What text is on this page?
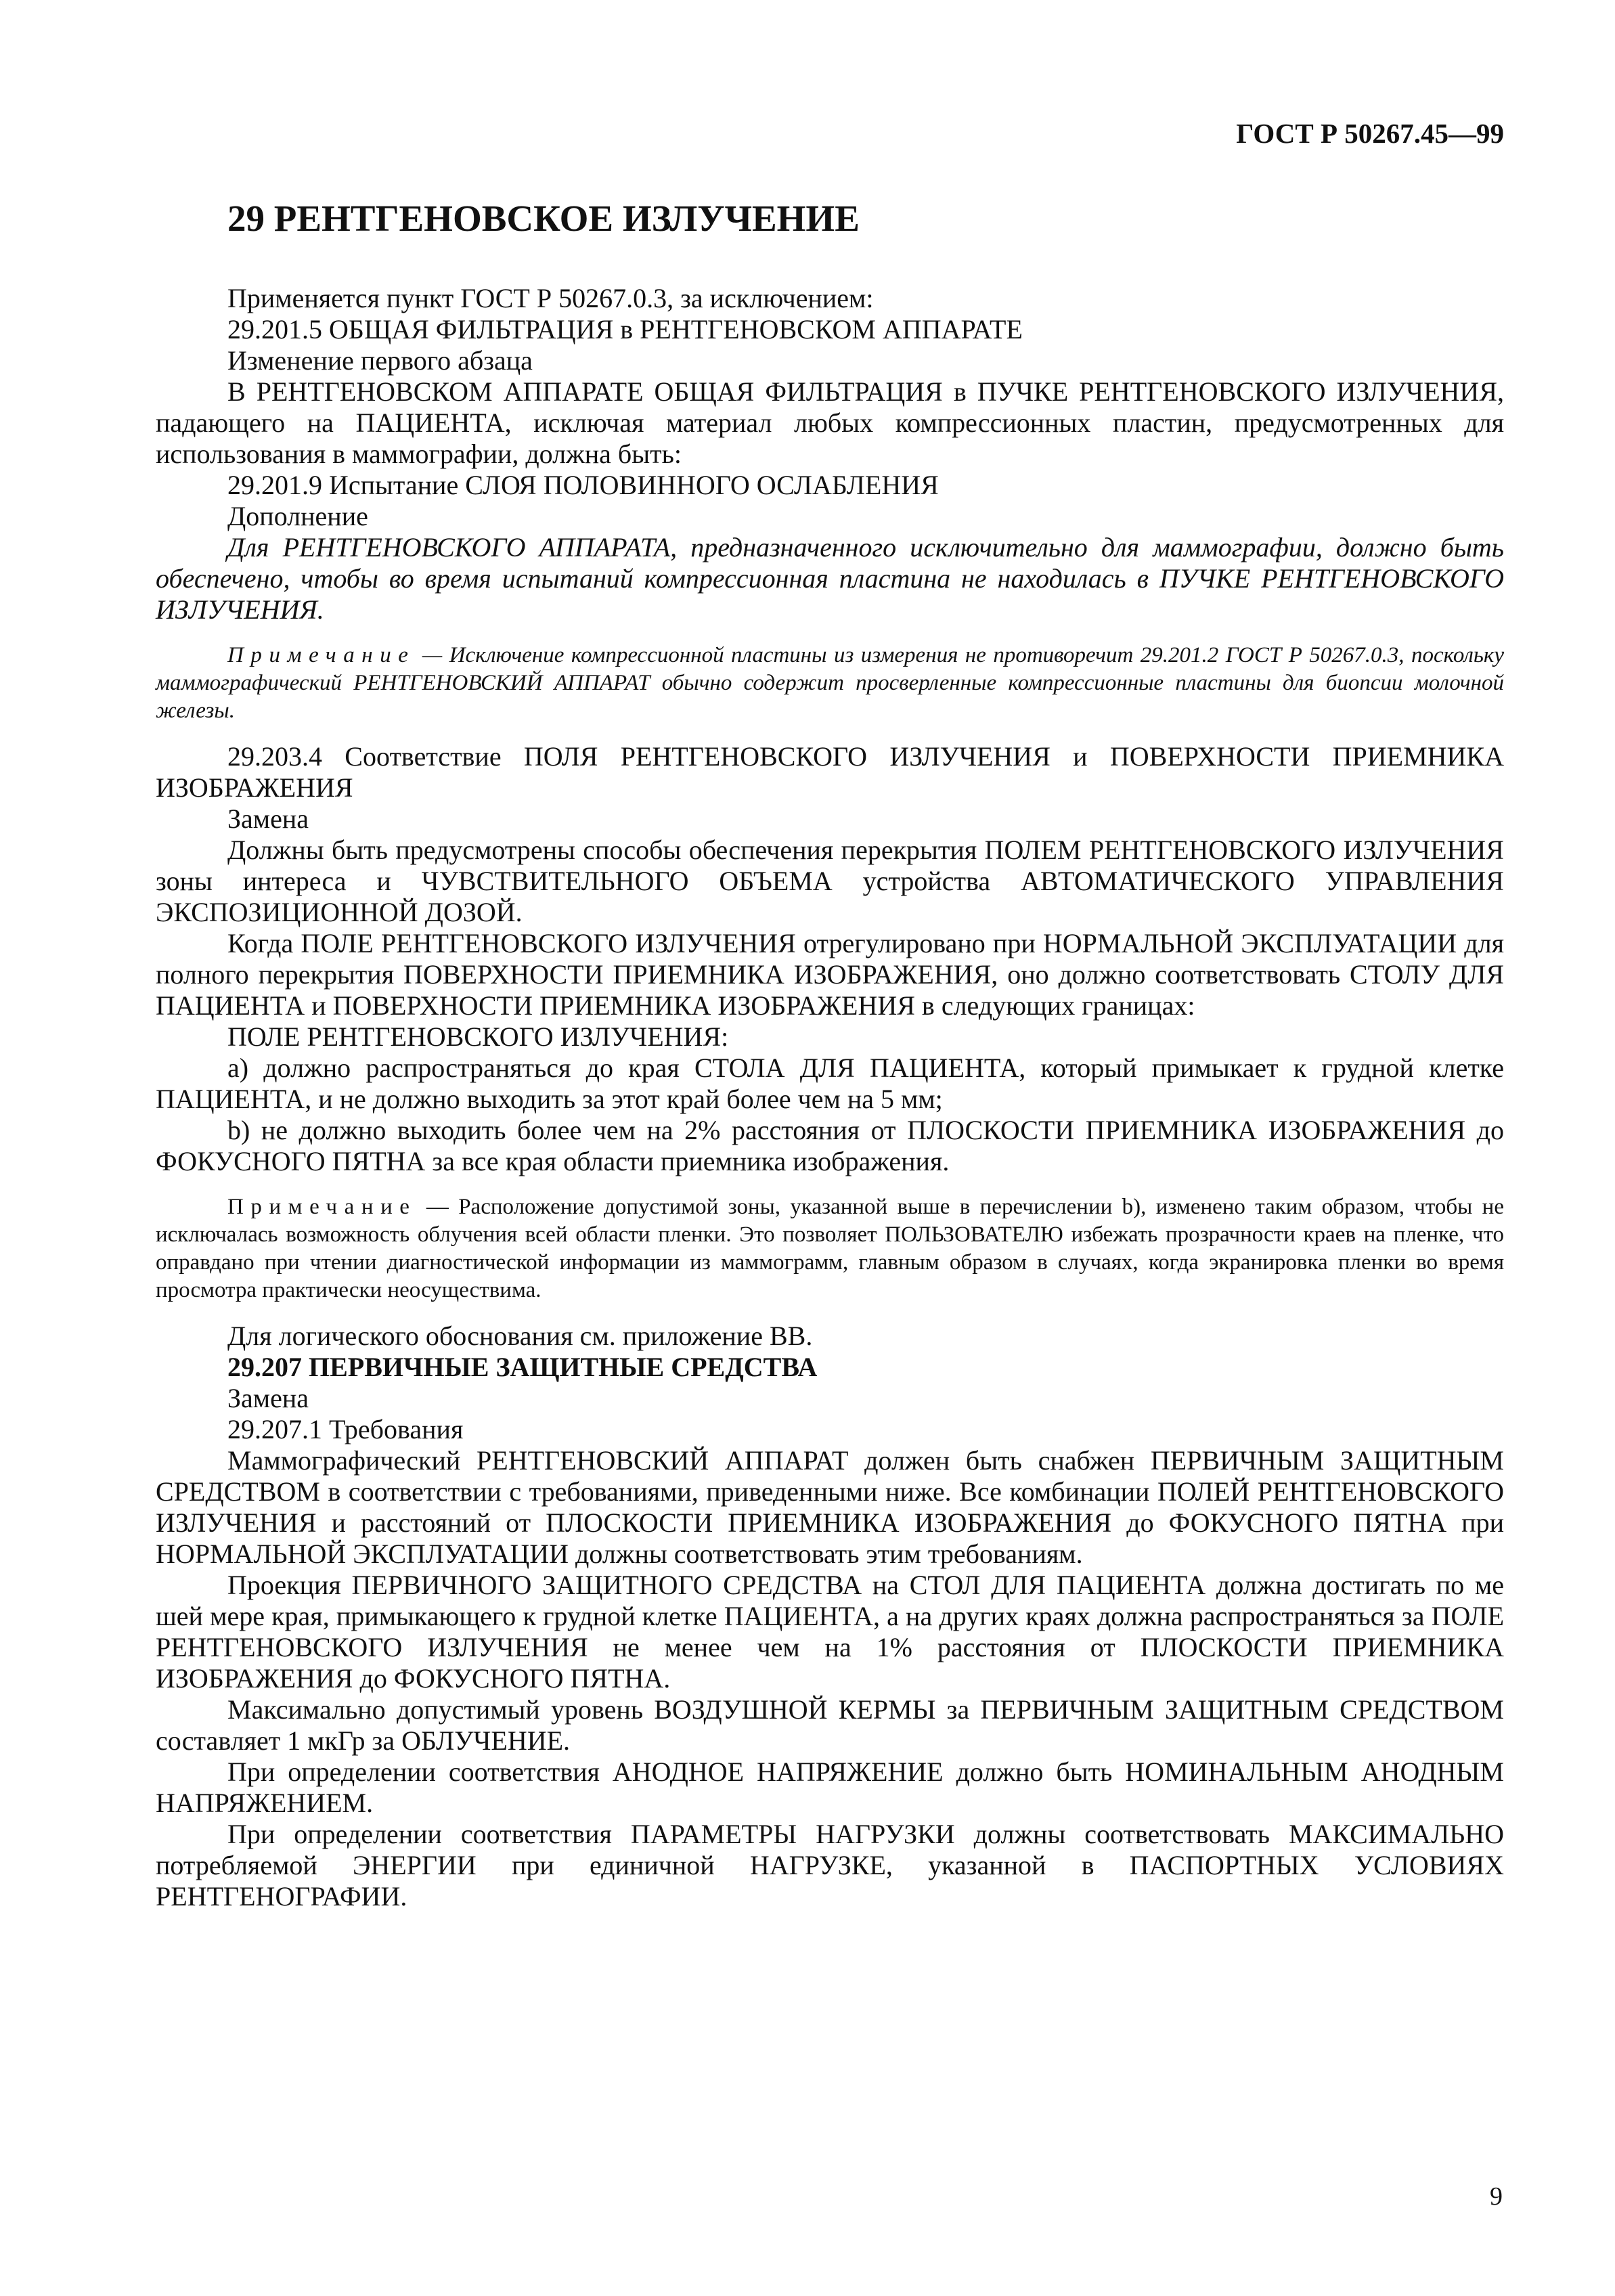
ГОСТ Р 50267.45—99
29 РЕНТГЕНОВСКОЕ ИЗЛУЧЕНИЕ

Применяется пункт ГОСТ Р 50267.0.3, за исключением:

29.201.5 ОБЩАЯ ФИЛЬТРАЦИЯ в РЕНТГЕНОВСКОМ АППАРАТЕ

Изменение первого абзаца

В РЕНТГЕНОВСКОМ АППАРАТЕ ОБЩАЯ ФИЛЬТРАЦИЯ в ПУЧКЕ РЕНТГЕНОВСКОГО ИЗЛУЧЕНИЯ, падающего на ПАЦИЕНТА, исключая материал любых компрессионных пластин, предусмотренных для использования в маммографии, должна быть:

29.201.9 Испытание СЛОЯ ПОЛОВИННОГО ОСЛАБЛЕНИЯ

Дополнение

Для РЕНТГЕНОВСКОГО АППАРАТА, предназначенного исключительно для маммографии, должно быть обеспечено, чтобы во время испытаний компрессионная пластина не находилась в ПУЧКЕ РЕНТГЕНОВСКОГО ИЗЛУЧЕНИЯ.

Примечание — Исключение компрессионной пластины из измерения не противоречит 29.201.2 ГОСТ Р 50267.0.3, поскольку маммографический РЕНТГЕНОВСКИЙ АППАРАТ обычно содержит просверленные компрессионные пластины для биопсии молочной железы.

29.203.4 Соответствие ПОЛЯ РЕНТГЕНОВСКОГО ИЗЛУЧЕНИЯ и ПОВЕРХНОСТИ ПРИЕМНИКА ИЗОБРАЖЕНИЯ

Замена

Должны быть предусмотрены способы обеспечения перекрытия ПОЛЕМ РЕНТГЕНОВСКОГО ИЗЛУЧЕНИЯ зоны интереса и ЧУВСТВИТЕЛЬНОГО ОБЪЕМА устройства АВТОМАТИЧЕСКОГО УПРАВЛЕНИЯ ЭКСПОЗИЦИОННОЙ ДОЗОЙ.

Когда ПОЛЕ РЕНТГЕНОВСКОГО ИЗЛУЧЕНИЯ отрегулировано при НОРМАЛЬНОЙ ЭКСПЛУАТАЦИИ для полного перекрытия ПОВЕРХНОСТИ ПРИЕМНИКА ИЗОБРАЖЕНИЯ, оно должно соответствовать СТОЛУ ДЛЯ ПАЦИЕНТА и ПОВЕРХНОСТИ ПРИЕМНИКА ИЗОБРАЖЕНИЯ в следующих границах:

ПОЛЕ РЕНТГЕНОВСКОГО ИЗЛУЧЕНИЯ:

а) должно распространяться до края СТОЛА ДЛЯ ПАЦИЕНТА, который примыкает к грудной клетке ПАЦИЕНТА, и не должно выходить за этот край более чем на 5 мм;

b) не должно выходить более чем на 2% расстояния от ПЛОСКОСТИ ПРИЕМНИКА ИЗОБРАЖЕНИЯ до ФОКУСНОГО ПЯТНА за все края области приемника изображения.

Примечание — Расположение допустимой зоны, указанной выше в перечислении b), изменено таким образом, чтобы не исключалась возможность облучения всей области пленки. Это позволяет ПОЛЬЗОВАТЕЛЮ избежать прозрачности краев на пленке, что оправдано при чтении диагностической информации из маммограмм, главным образом в случаях, когда экранировка пленки во время просмотра практически неосуществима.

Для логического обоснования см. приложение ВВ.

29.207 ПЕРВИЧНЫЕ ЗАЩИТНЫЕ СРЕДСТВА

Замена

29.207.1 Требования

Маммографический РЕНТГЕНОВСКИЙ АППАРАТ должен быть снабжен ПЕРВИЧНЫМ ЗАЩИТНЫМ СРЕДСТВОМ в соответствии с требованиями, приведенными ниже. Все комбинации ПОЛЕЙ РЕНТГЕНОВСКОГО ИЗЛУЧЕНИЯ и расстояний от ПЛОСКОСТИ ПРИЕМНИКА ИЗОБРАЖЕНИЯ до ФОКУСНОГО ПЯТНА при НОРМАЛЬНОЙ ЭКСПЛУАТАЦИИ должны соответствовать этим требованиям.

Проекция ПЕРВИЧНОГО ЗАЩИТНОГО СРЕДСТВА на СТОЛ ДЛЯ ПАЦИЕНТА должна достигать по ме шей мере края, примыкающего к грудной клетке ПАЦИЕНТА, а на других краях должна распространяться за ПОЛЕ РЕНТГЕНОВСКОГО ИЗЛУЧЕНИЯ не менее чем на 1% расстояния от ПЛОСКОСТИ ПРИЕМНИКА ИЗОБРАЖЕНИЯ до ФОКУСНОГО ПЯТНА.

Максимально допустимый уровень ВОЗДУШНОЙ КЕРМЫ за ПЕРВИЧНЫМ ЗАЩИТНЫМ СРЕДСТВОМ составляет 1 мкГр за ОБЛУЧЕНИЕ.

При определении соответствия АНОДНОЕ НАПРЯЖЕНИЕ должно быть НОМИНАЛЬНЫМ АНОДНЫМ НАПРЯЖЕНИЕМ.

При определении соответствия ПАРАМЕТРЫ НАГРУЗКИ должны соответствовать МАКСИМАЛЬНО потребляемой ЭНЕРГИИ при единичной НАГРУЗКЕ, указанной в ПАСПОРТНЫХ УСЛОВИЯХ РЕНТГЕНОГРАФИИ.

9
